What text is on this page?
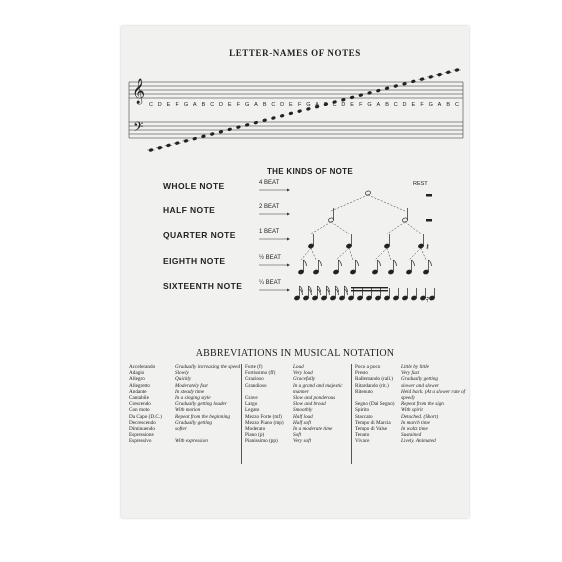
LETTER-NAMES OF NOTES
𝄞
𝄢
C D E F G A B C D E F G A B C D E F G A B C D E F G A B C D E F G A B C
𝄽
𝄾
𝄿
THE KINDS OF NOTE
REST
WHOLE NOTE	4 BEAT
HALF NOTE	2 BEAT
QUARTER NOTE	1 BEAT
EIGHTH NOTE	½ BEAT
SIXTEENTH NOTE	¼ BEAT
ABBREVIATIONS IN MUSICAL NOTATION
Accelerando	Gradually increasing the speed
Adagio	Slowly
Allegro	Quickly
Allegretto	Moderately fast
Andante	In steady time
Cantabile	In a singing style
Crescendo	Gradually getting louder
Con moto	With motion
Da Capo (D.C.)	Repeat from the beginning
Decrescendo	Gradually getting
Diminuendo	softer
Espressione
Espressivo	With expression
Forte (f)	Loud
Fortissimo (ff)	Very loud
Grazioso	Gracefully
Grandioso	In a grand and majestic manner
Grave	Slow and ponderous
Largo	Slow and broad
Legato	Smoothly
Mezzo Forte (mf)	Half loud
Mezzo Piano (mp)	Half soft
Moderato	In a moderate time
Piano (p)	Soft
Pianissimo (pp)	Very soft
Poco a poco	Little by little
Presto	Very fast
Rallentando (rall.)	Gradually getting
Ritardando (rit.)	slower and slower
Ritenuto	Held back. (At a slower rate of speed)
Segno (Dal Segno)	Repeat from the sign
Spirito	With spirit
Staccato	Detached. (Short)
Tempo di Marcia	In march time
Tempo di Valse	In waltz time
Tenuto	Sustained
Vivace	Lively. Animated
